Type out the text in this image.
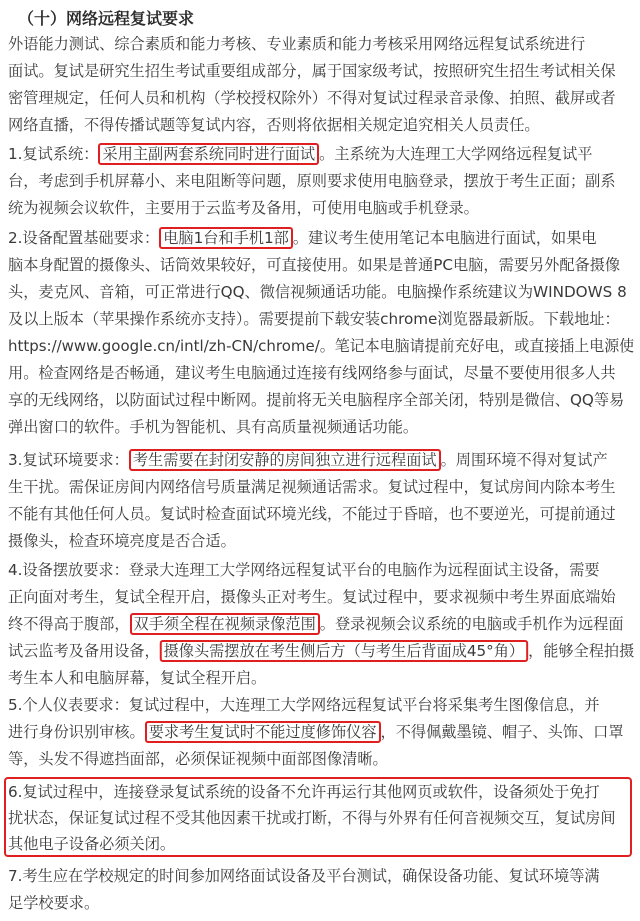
（十）网络远程复试要求
外语能力测试、综合素质和能力考核、专业素质和能力考核采用网络远程复试系统进行
面试。复试是研究生招生考试重要组成部分，属于国家级考试，按照研究生招生考试相关保
密管理规定，任何人员和机构（学校授权除外）不得对复试过程录音录像、拍照、截屏或者
网络直播，不得传播试题等复试内容，否则将依据相关规定追究相关人员责任。
1.复试系统： 采用主副两套系统同时进行面试 。主系统为大连理工大学网络远程复试平
台，考虑到手机屏幕小、来电阻断等问题，原则要求使用电脑登录，摆放于考生正面；副系
统为视频会议软件，主要用于云监考及备用，可使用电脑或手机登录。
2.设备配置基础要求： 电脑1台和手机1部 。建议考生使用笔记本电脑进行面试，如果电
脑本身配置的摄像头、话筒效果较好，可直接使用。如果是普通PC电脑，需要另外配备摄像
头，麦克风、音箱，可正常进行QQ、微信视频通话功能。电脑操作系统建议为WINDOWS 8
及以上版本（苹果操作系统亦支持）。需要提前下载安装chrome浏览器最新版。下载地址：
https://www.google.cn/intl/zh-CN/chrome/。笔记本电脑请提前充好电，或直接插上电源使
用。检查网络是否畅通，建议考生电脑通过连接有线网络参与面试，尽量不要使用很多人共
享的无线网络，以防面试过程中断网。提前将无关电脑程序全部关闭，特别是微信、QQ等易
弹出窗口的软件。手机为智能机、具有高质量视频通话功能。
3.复试环境要求： 考生需要在封闭安静的房间独立进行远程面试 。周围环境不得对复试产
生干扰。需保证房间内网络信号质量满足视频通话需求。复试过程中，复试房间内除本考生
不能有其他任何人员。复试时检查面试环境光线，不能过于昏暗，也不要逆光，可提前通过
摄像头，检查环境亮度是否合适。
4.设备摆放要求：登录大连理工大学网络远程复试平台的电脑作为远程面试主设备，需要
正向面对考生，复试全程开启，摄像头正对考生。复试过程中，要求视频中考生界面底端始
终不得高于腹部， 双手须全程在视频录像范围 。登录视频会议系统的电脑或手机作为远程面
试云监考及备用设备， 摄像头需摆放在考生侧后方（与考生后背面成45°角） ，能够全程拍摄
考生本人和电脑屏幕，复试全程开启。
5.个人仪表要求：复试过程中，大连理工大学网络远程复试平台将采集考生图像信息，并
进行身份识别审核。 要求考生复试时不能过度修饰仪容 ，不得佩戴墨镜、帽子、头饰、口罩
等，头发不得遮挡面部，必须保证视频中面部图像清晰。
6.复试过程中，连接登录复试系统的设备不允许再运行其他网页或软件，设备须处于免打
扰状态，保证复试过程不受其他因素干扰或打断，不得与外界有任何音视频交互，复试房间
其他电子设备必须关闭。
7.考生应在学校规定的时间参加网络面试设备及平台测试，确保设备功能、复试环境等满
足学校要求。
